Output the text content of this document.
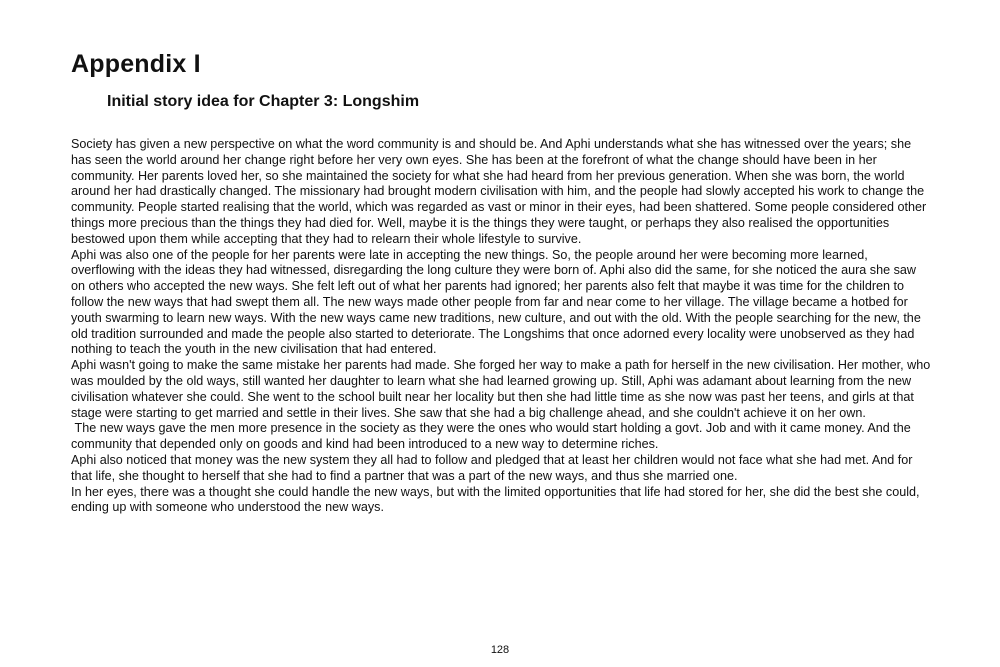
Appendix I
Initial story idea for Chapter 3: Longshim

Society has given a new perspective on what the word community is and should be. And Aphi understands what she has witnessed over the years; she has seen the world around her change right before her very own eyes. She has been at the forefront of what the change should have been in her community. Her parents loved her, so she maintained the society for what she had heard from her previous generation. When she was born, the world around her had drastically changed. The missionary had brought modern civilisation with him, and the people had slowly accepted his work to change the community. People started realising that the world, which was regarded as vast or minor in their eyes, had been shattered. Some people considered other things more precious than the things they had died for. Well, maybe it is the things they were taught, or perhaps they also realised the opportunities bestowed upon them while accepting that they had to relearn their whole lifestyle to survive.

Aphi was also one of the people for her parents were late in accepting the new things. So, the people around her were becoming more learned, overflowing with the ideas they had witnessed, disregarding the long culture they were born of. Aphi also did the same, for she noticed the aura she saw on others who accepted the new ways. She felt left out of what her parents had ignored; her parents also felt that maybe it was time for the children to follow the new ways that had swept them all. The new ways made other people from far and near come to her village. The village became a hotbed for youth swarming to learn new ways. With the new ways came new traditions, new culture, and out with the old. With the people searching for the new, the old tradition surrounded and made the people also started to deteriorate. The Longshims that once adorned every locality were unobserved as they had nothing to teach the youth in the new civilisation that had entered.

Aphi wasn't going to make the same mistake her parents had made. She forged her way to make a path for herself in the new civilisation. Her mother, who was moulded by the old ways, still wanted her daughter to learn what she had learned growing up. Still, Aphi was adamant about learning from the new civilisation whatever she could. She went to the school built near her locality but then she had little time as she now was past her teens, and girls at that stage were starting to get married and settle in their lives. She saw that she had a big challenge ahead, and she couldn't achieve it on her own.

The new ways gave the men more presence in the society as they were the ones who would start holding a govt. Job and with it came money. And the community that depended only on goods and kind had been introduced to a new way to determine riches.

Aphi also noticed that money was the new system they all had to follow and pledged that at least her children would not face what she had met. And for that life, she thought to herself that she had to find a partner that was a part of the new ways, and thus she married one.

In her eyes, there was a thought she could handle the new ways, but with the limited opportunities that life had stored for her, she did the best she could, ending up with someone who understood the new ways.

128
